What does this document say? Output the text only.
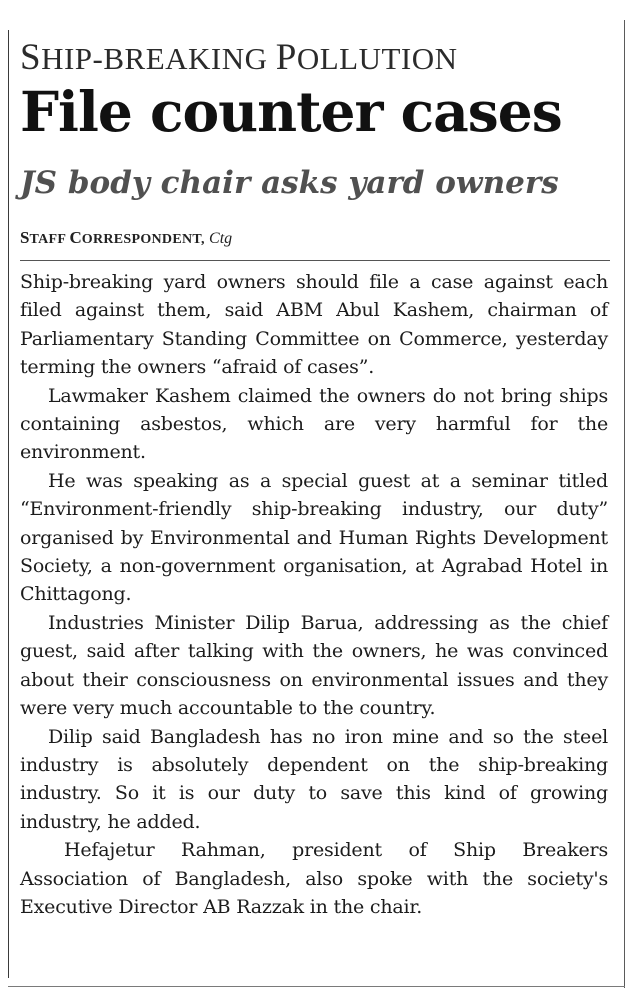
SHIP-BREAKING POLLUTION
File counter cases
JS body chair asks yard owners
STAFF CORRESPONDENT, Ctg

Ship-breaking yard owners should file a case against each filed against them, said ABM Abul Kashem, chairman of Parliamentary Standing Committee on Commerce, yesterday terming the owners “afraid of cases”.

Lawmaker Kashem claimed the owners do not bring ships containing asbestos, which are very harmful for the environment.

He was speaking as a special guest at a seminar titled “Environment-friendly ship-breaking industry, our duty” organised by Environmental and Human Rights Development Society, a non-government organisation, at Agrabad Hotel in Chittagong.

Industries Minister Dilip Barua, addressing as the chief guest, said after talking with the owners, he was convinced about their consciousness on environmental issues and they were very much accountable to the country.

Dilip said Bangladesh has no iron mine and so the steel industry is absolutely dependent on the ship-breaking industry. So it is our duty to save this kind of growing industry, he added.

Hefajetur Rahman, president of Ship Breakers Association of Bangladesh, also spoke with the society's Executive Director AB Razzak in the chair.
